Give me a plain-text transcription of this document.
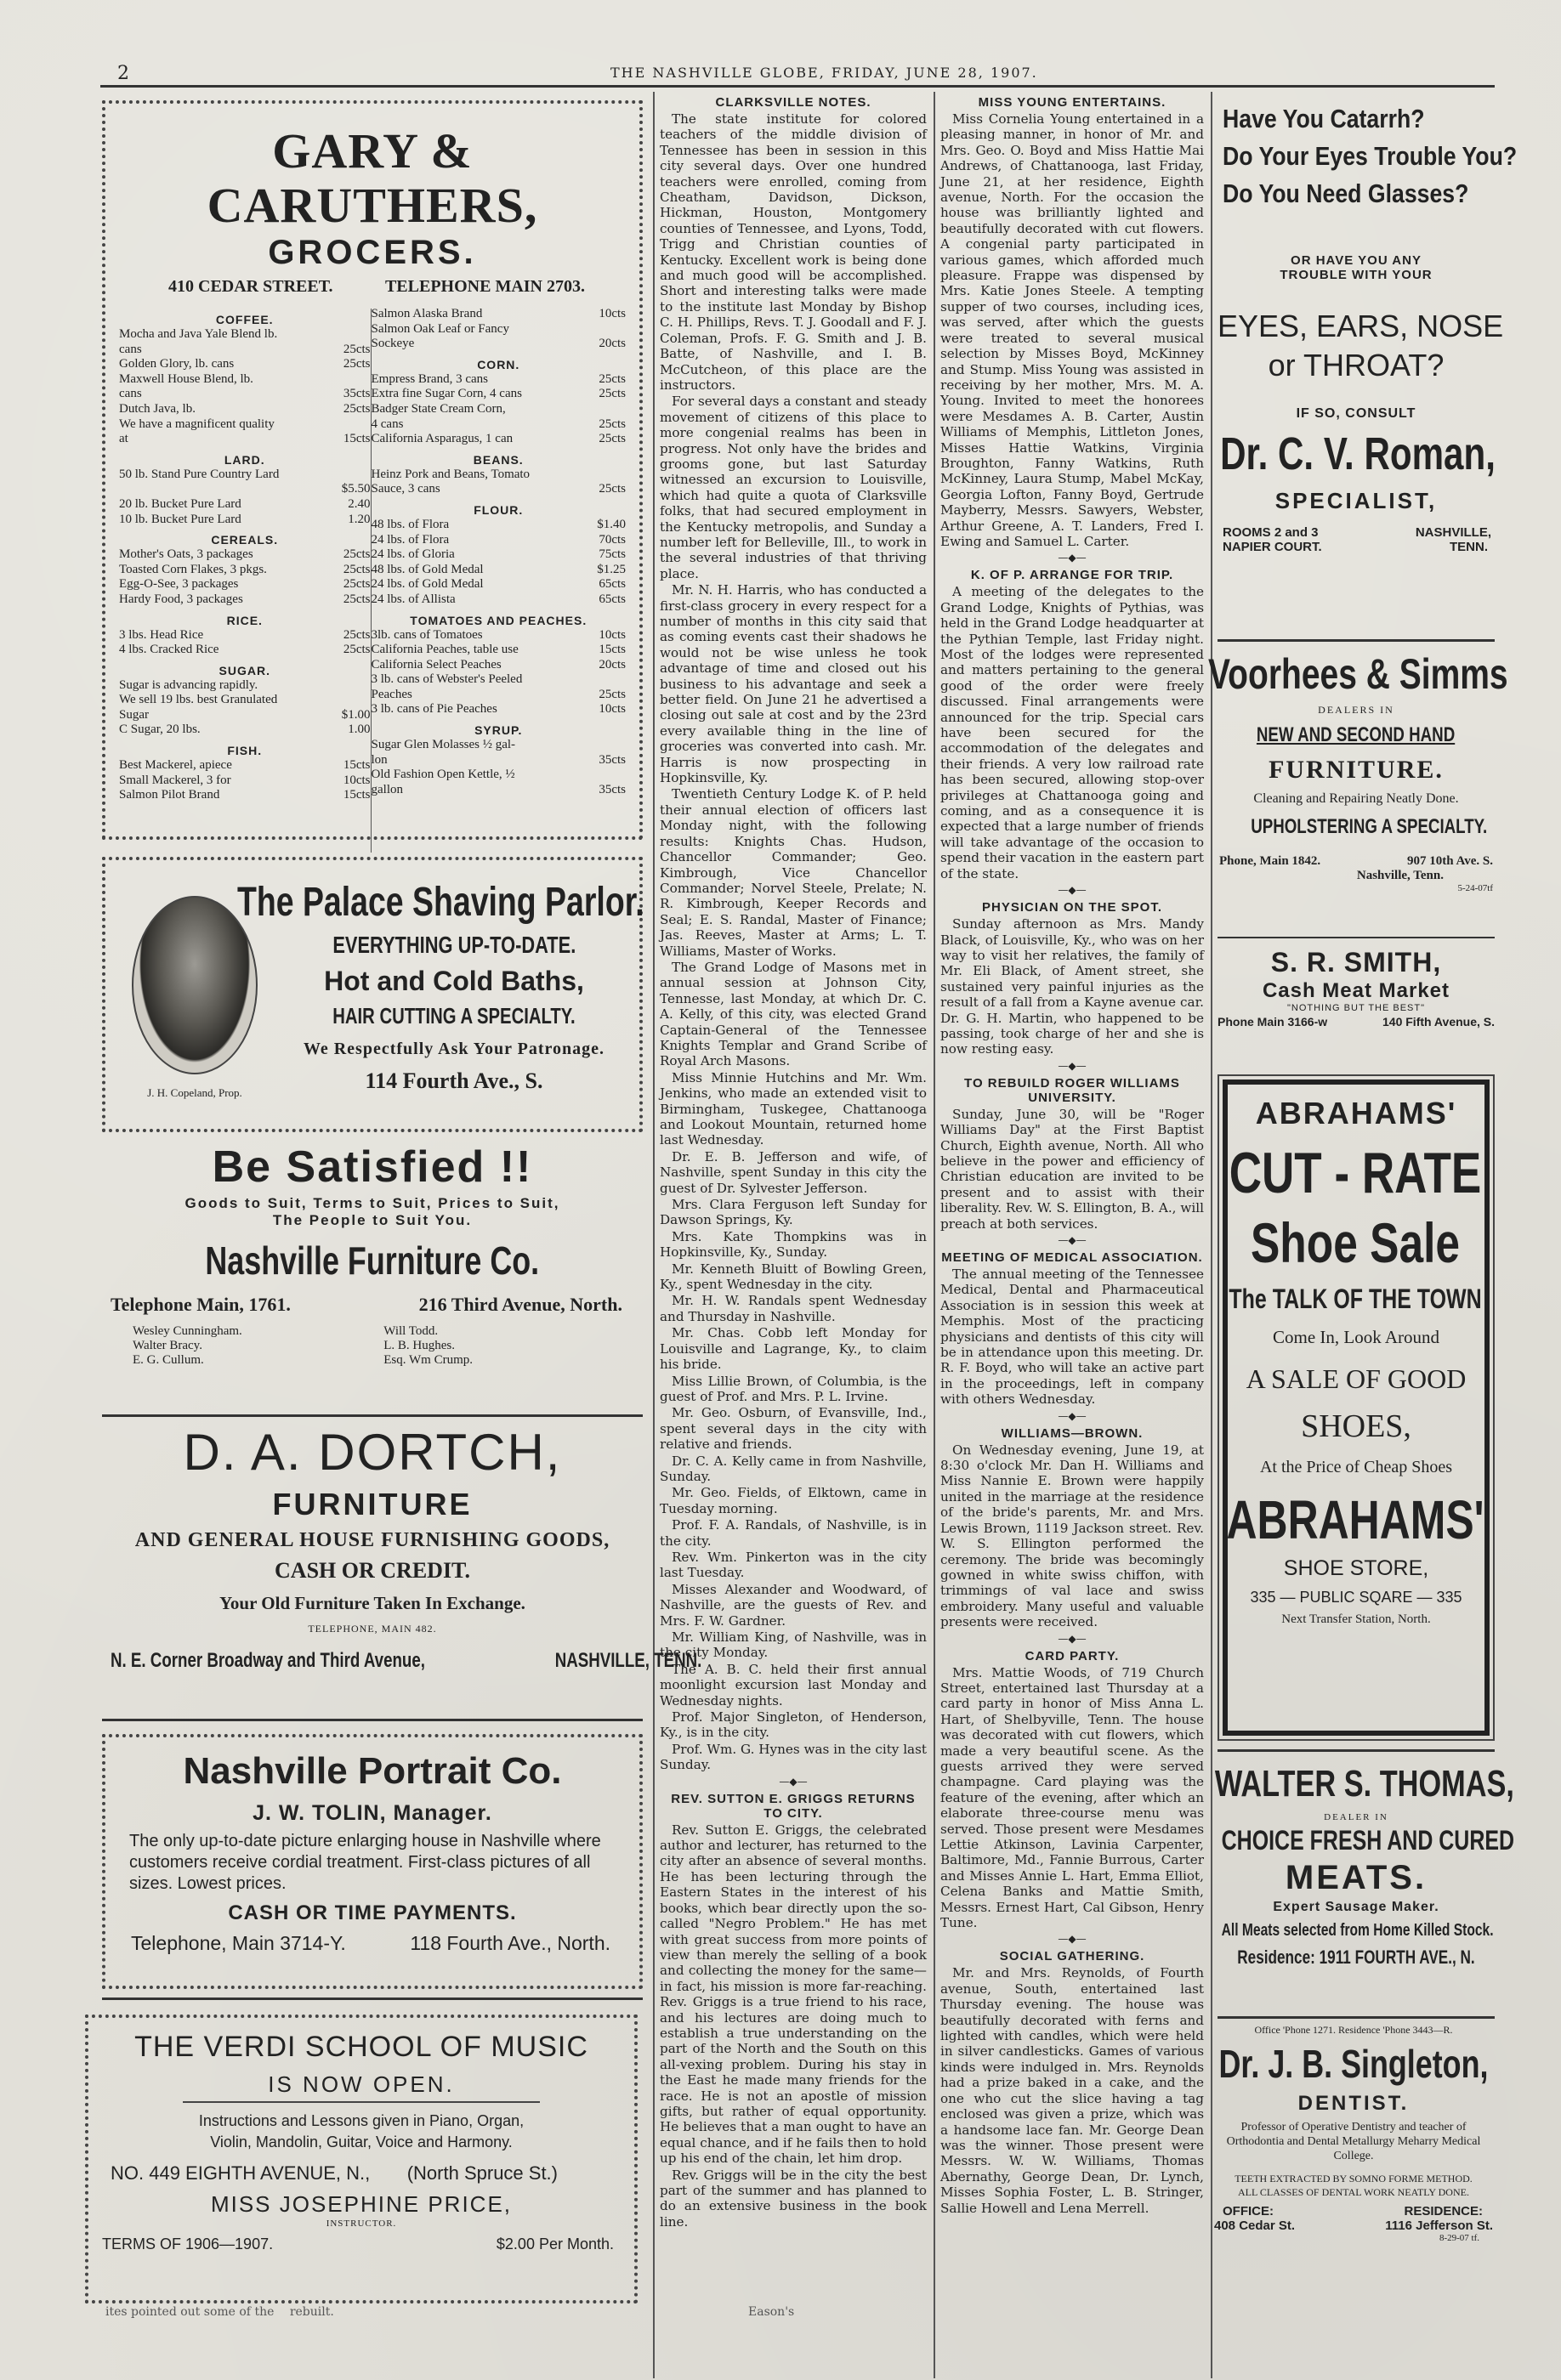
2	THE NASHVILLE GLOBE, FRIDAY, JUNE 28, 1907.
GARY & CARUTHERS,
GROCERS.
410 CEDAR STREET.	TELEPHONE MAIN 2703.
COFFEE.
Mocha and Java Yale Blend lb.
cans	25cts
Golden Glory, lb. cans	25cts
Maxwell House Blend, lb.
cans	35cts
Dutch Java, lb.	25cts
We have a magnificent quality
at	15cts
LARD.
50 lb. Stand Pure Country Lard
$5.50
20 lb. Bucket Pure Lard	2.40
10 lb. Bucket Pure Lard	1.20
CEREALS.
Mother's Oats, 3 packages	25cts
Toasted Corn Flakes, 3 pkgs.	25cts
Egg-O-See, 3 packages	25cts
Hardy Food, 3 packages	25cts
RICE.
3 lbs. Head Rice	25cts
4 lbs. Cracked Rice	25cts
SUGAR.
Sugar is advancing rapidly.
We sell 19 lbs. best Granulated
Sugar	$1.00
C Sugar, 20 lbs.	1.00
FISH.
Best Mackerel, apiece	15cts
Small Mackerel, 3 for	10cts
Salmon Pilot Brand	15cts
Salmon Alaska Brand	10cts
Salmon Oak Leaf or Fancy
Sockeye	20cts
CORN.
Empress Brand, 3 cans	25cts
Extra fine Sugar Corn, 4 cans	25cts
Badger State Cream Corn,
4 cans	25cts
California Asparagus, 1 can	25cts
BEANS.
Heinz Pork and Beans, Tomato
Sauce, 3 cans	25cts
FLOUR.
48 lbs. of Flora	$1.40
24 lbs. of Flora	70cts
24 lbs. of Gloria	75cts
48 lbs. of Gold Medal	$1.25
24 lbs. of Gold Medal	65cts
24 lbs. of Allista	65cts
TOMATOES AND PEACHES.
3lb. cans of Tomatoes	10cts
California Peaches, table use	15cts
California Select Peaches	20cts
3 lb. cans of Webster's Peeled
Peaches	25cts
3 lb. cans of Pie Peaches	10cts
SYRUP.
Sugar Glen Molasses ½ gal-
lon	35cts
Old Fashion Open Kettle, ½
gallon	35cts
J. H. Copeland, Prop.
The Palace Shaving Parlor. EVERYTHING UP-TO-DATE.
Hot and Cold Baths,
HAIR CUTTING A SPECIALTY.
We Respectfully Ask Your Patronage.
114 Fourth Ave., S.
Be Satisfied !!
Goods to Suit, Terms to Suit, Prices to Suit,
The People to Suit You.
Nashville Furniture Co.
Telephone Main, 1761.	216 Third Avenue, North.
Wesley Cunningham.
Walter Bracy.
E. G. Cullum.
Will Todd.
L. B. Hughes.
Esq. Wm Crump.
D. A. DORTCH,
FURNITURE
AND GENERAL HOUSE FURNISHING GOODS,
CASH OR CREDIT.
Your Old Furniture Taken In Exchange.
TELEPHONE, MAIN 482.
N. E. Corner Broadway and Third Avenue,	NASHVILLE, TENN.
Nashville Portrait Co.
J. W. TOLIN, Manager.
The only up-to-date picture enlarging house in Nashville where customers receive cordial treatment. First-class pictures of all sizes. Lowest prices.
CASH OR TIME PAYMENTS.
Telephone, Main 3714-Y.	118 Fourth Ave., North.
THE VERDI SCHOOL OF MUSIC
IS NOW OPEN.
Instructions and Lessons given in Piano, Organ,
Violin, Mandolin, Guitar, Voice and Harmony.
NO. 449 EIGHTH AVENUE, N., (North Spruce St.)
MISS JOSEPHINE PRICE,
INSTRUCTOR.
TERMS OF 1906—1907.	$2.00 Per Month.
ites pointed out some of the rebuilt.	Eason's
CLARKSVILLE NOTES.

The state institute for colored teachers of the middle division of Tennessee has been in session in this city several days. Over one hundred teachers were enrolled, coming from Cheatham, Davidson, Dickson, Hickman, Houston, Montgomery counties of Tennessee, and Lyons, Todd, Trigg and Christian counties of Kentucky. Excellent work is being done and much good will be accomplished. Short and interesting talks were made to the institute last Monday by Bishop C. H. Phillips, Revs. T. J. Goodall and F. J. Coleman, Profs. F. G. Smith and J. B. Batte, of Nashville, and I. B. McCutcheon, of this place are the instructors.

For several days a constant and steady movement of citizens of this place to more congenial realms has been in progress. Not only have the brides and grooms gone, but last Saturday witnessed an excursion to Louisville, which had quite a quota of Clarksville folks, that had secured employment in the Kentucky metropolis, and Sunday a number left for Belleville, Ill., to work in the several industries of that thriving place.

Mr. N. H. Harris, who has conducted a first-class grocery in every respect for a number of months in this city said that as coming events cast their shadows he would not be wise unless he took advantage of time and closed out his business to his advantage and seek a better field. On June 21 he advertised a closing out sale at cost and by the 23rd every available thing in the line of groceries was converted into cash. Mr. Harris is now prospecting in Hopkinsville, Ky.

Twentieth Century Lodge K. of P. held their annual election of officers last Monday night, with the following results: Knights Chas. Hudson, Chancellor Commander; Geo. Kimbrough, Vice Chancellor Commander; Norvel Steele, Prelate; N. R. Kimbrough, Keeper Records and Seal; E. S. Randal, Master of Finance; Jas. Reeves, Master at Arms; L. T. Williams, Master of Works.

The Grand Lodge of Masons met in annual session at Johnson City, Tennesse, last Monday, at which Dr. C. A. Kelly, of this city, was elected Grand Captain-General of the Tennessee Knights Templar and Grand Scribe of Royal Arch Masons.

Miss Minnie Hutchins and Mr. Wm. Jenkins, who made an extended visit to Birmingham, Tuskegee, Chattanooga and Lookout Mountain, returned home last Wednesday.

Dr. E. B. Jefferson and wife, of Nashville, spent Sunday in this city the guest of Dr. Sylvester Jefferson.

Mrs. Clara Ferguson left Sunday for Dawson Springs, Ky.

Mrs. Kate Thompkins was in Hopkinsville, Ky., Sunday.

Mr. Kenneth Bluitt of Bowling Green, Ky., spent Wednesday in the city.

Mr. H. W. Randals spent Wednesday and Thursday in Nashville.

Mr. Chas. Cobb left Monday for Louisville and Lagrange, Ky., to claim his bride.

Miss Lillie Brown, of Columbia, is the guest of Prof. and Mrs. P. L. Irvine.

Mr. Geo. Osburn, of Evansville, Ind., spent several days in the city with relative and friends.

Dr. C. A. Kelly came in from Nashville, Sunday.

Mr. Geo. Fields, of Elktown, came in Tuesday morning.

Prof. F. A. Randals, of Nashville, is in the city.

Rev. Wm. Pinkerton was in the city last Tuesday.

Misses Alexander and Woodward, of Nashville, are the guests of Rev. and Mrs. F. W. Gardner.

Mr. William King, of Nashville, was in the city Monday.

The A. B. C. held their first annual moonlight excursion last Monday and Wednesday nights.

Prof. Major Singleton, of Henderson, Ky., is in the city.

Prof. Wm. G. Hynes was in the city last Sunday.

—◆—
REV. SUTTON E. GRIGGS RETURNS TO CITY.

Rev. Sutton E. Griggs, the celebrated author and lecturer, has returned to the city after an absence of several months. He has been lecturing through the Eastern States in the interest of his books, which bear directly upon the so-called "Negro Problem." He has met with great success from more points of view than merely the selling of a book and collecting the money for the same—in fact, his mission is more far-reaching. Rev. Griggs is a true friend to his race, and his lectures are doing much to establish a true understanding on the part of the North and the South on this all-vexing problem. During his stay in the East he made many friends for the race. He is not an apostle of mission gifts, but rather of equal opportunity. He believes that a man ought to have an equal chance, and if he fails then to hold up his end of the chain, let him drop.

Rev. Griggs will be in the city the best part of the summer and has planned to do an extensive business in the book line.

MISS YOUNG ENTERTAINS.

Miss Cornelia Young entertained in a pleasing manner, in honor of Mr. and Mrs. Geo. O. Boyd and Miss Hattie Mai Andrews, of Chattanooga, last Friday, June 21, at her residence, Eighth avenue, North. For the occasion the house was brilliantly lighted and beautifully decorated with cut flowers. A congenial party participated in various games, which afforded much pleasure. Frappe was dispensed by Mrs. Katie Jones Steele. A tempting supper of two courses, including ices, was served, after which the guests were treated to several musical selection by Misses Boyd, McKinney and Stump. Miss Young was assisted in receiving by her mother, Mrs. M. A. Young. Invited to meet the honorees were Mesdames A. B. Carter, Austin Williams of Memphis, Littleton Jones, Misses Hattie Watkins, Virginia Broughton, Fanny Watkins, Ruth McKinney, Laura Stump, Mabel McKay, Georgia Lofton, Fanny Boyd, Gertrude Mayberry, Messrs. Sawyers, Webster, Arthur Greene, A. T. Landers, Fred I. Ewing and Samuel L. Carter.

—◆—
K. OF P. ARRANGE FOR TRIP.

A meeting of the delegates to the Grand Lodge, Knights of Pythias, was held in the Grand Lodge headquarter at the Pythian Temple, last Friday night. Most of the lodges were represented and matters pertaining to the general good of the order were freely discussed. Final arrangements were announced for the trip. Special cars have been secured for the accommodation of the delegates and their friends. A very low railroad rate has been secured, allowing stop-over privileges at Chattanooga going and coming, and as a consequence it is expected that a large number of friends will take advantage of the occasion to spend their vacation in the eastern part of the state.

—◆—
PHYSICIAN ON THE SPOT.

Sunday afternoon as Mrs. Mandy Black, of Louisville, Ky., who was on her way to visit her relatives, the family of Mr. Eli Black, of Ament street, she sustained very painful injuries as the result of a fall from a Kayne avenue car. Dr. G. H. Martin, who happened to be passing, took charge of her and she is now resting easy.

—◆—
TO REBUILD ROGER WILLIAMS UNIVERSITY.

Sunday, June 30, will be "Roger Williams Day" at the First Baptist Church, Eighth avenue, North. All who believe in the power and efficiency of Christian education are invited to be present and to assist with their liberality. Rev. W. S. Ellington, B. A., will preach at both services.

—◆—
MEETING OF MEDICAL ASSOCIATION.

The annual meeting of the Tennessee Medical, Dental and Pharmaceutical Association is in session this week at Memphis. Most of the practicing physicians and dentists of this city will be in attendance upon this meeting. Dr. R. F. Boyd, who will take an active part in the proceedings, left in company with others Wednesday.

—◆—
WILLIAMS—BROWN.

On Wednesday evening, June 19, at 8:30 o'clock Mr. Dan H. Williams and Miss Nannie E. Brown were happily united in the marriage at the residence of the bride's parents, Mr. and Mrs. Lewis Brown, 1119 Jackson street. Rev. W. S. Ellington performed the ceremony. The bride was becomingly gowned in white swiss chiffon, with trimmings of val lace and swiss embroidery. Many useful and valuable presents were received.

—◆—
CARD PARTY.

Mrs. Mattie Woods, of 719 Church Street, entertained last Thursday at a card party in honor of Miss Anna L. Hart, of Shelbyville, Tenn. The house was decorated with cut flowers, which made a very beautiful scene. As the guests arrived they were served champagne. Card playing was the feature of the evening, after which an elaborate three-course menu was served. Those present were Mesdames Lettie Atkinson, Lavinia Carpenter, Baltimore, Md., Fannie Burrous, Carter and Misses Annie L. Hart, Emma Elliot, Celena Banks and Mattie Smith, Messrs. Ernest Hart, Cal Gibson, Henry Tune.

—◆—
SOCIAL GATHERING.

Mr. and Mrs. Reynolds, of Fourth avenue, South, entertained last Thursday evening. The house was beautifully decorated with ferns and lighted with candles, which were held in silver candlesticks. Games of various kinds were indulged in. Mrs. Reynolds had a prize baked in a cake, and the one who cut the slice having a tag enclosed was given a prize, which was a handsome lace fan. Mr. George Dean was the winner. Those present were Messrs. W. W. Williams, Thomas Abernathy, George Dean, Dr. Lynch, Misses Sophia Foster, L. B. Stringer, Sallie Howell and Lena Merrell.

Have You Catarrh?
Do Your Eyes Trouble You?
Do You Need Glasses?
OR HAVE YOU ANY
TROUBLE WITH YOUR
EYES, EARS, NOSE
or THROAT?
IF SO, CONSULT
Dr. C. V. Roman,
SPECIALIST,
ROOMS 2 and 3	NASHVILLE,
NAPIER COURT.	TENN.
Voorhees & Simms
DEALERS IN
NEW AND SECOND HAND
FURNITURE.
Cleaning and Repairing Neatly Done.
UPHOLSTERING A SPECIALTY.
Phone, Main 1842.	907 10th Ave. S.
Nashville, Tenn.
5-24-07tf
S. R. SMITH,
Cash Meat Market
"NOTHING BUT THE BEST"
Phone Main 3166-w	140 Fifth Avenue, S.
ABRAHAMS'
CUT - RATE Shoe Sale The TALK OF THE TOWN
Come In, Look Around
A SALE OF GOOD
SHOES,
At the Price of Cheap Shoes
ABRAHAMS'
SHOE STORE,
335 — PUBLIC SQARE — 335
Next Transfer Station, North.
WALTER S. THOMAS,
DEALER IN
CHOICE FRESH AND CURED
MEATS.
Expert Sausage Maker.
All Meats selected from Home Killed Stock. Residence: 1911 FOURTH AVE., N.
Office 'Phone 1271. Residence 'Phone 3443—R.
Dr. J. B. Singleton,
DENTIST.
Professor of Operative Dentistry and teacher of Orthodontia and Dental Metallurgy Meharry Medical College.
TEETH EXTRACTED BY SOMNO FORME METHOD. ALL CLASSES OF DENTAL WORK NEATLY DONE.
OFFICE:	RESIDENCE:
408 Cedar St.	1116 Jefferson St.
8-29-07 tf.
